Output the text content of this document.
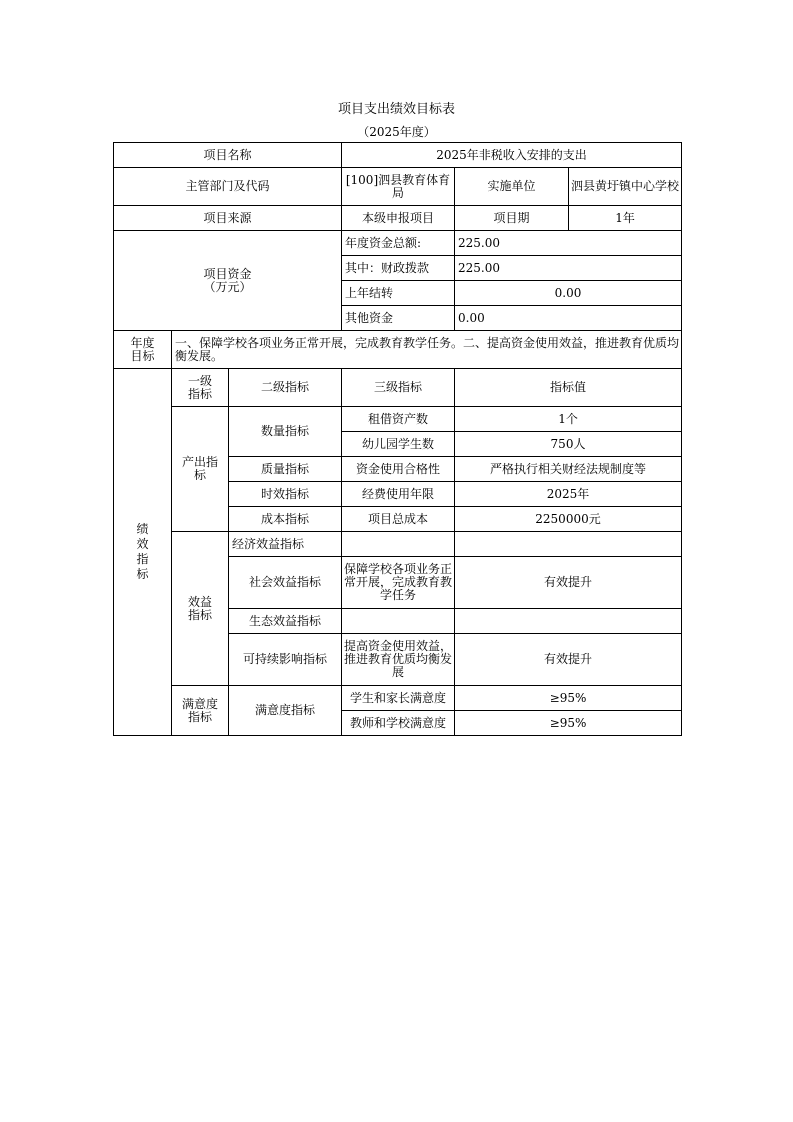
项目支出绩效目标表
（2025年度）
项目名称			2025年非税收入安排的支出		
主管部门及代码			[100]泗县教育体育局	实施单位	泗县黄圩镇中心学校
项目来源			本级申报项目	项目期	1年
项目资金（万元）			年度资金总额:	225.00	
			其中：财政拨款	225.00	
			上年结转	0.00	
			其他资金	0.00	
年度目标	一、保障学校各项业务正常开展，完成教育教学任务。二、提高资金使用效益，推进教育优质均衡发展。				
绩效指标	一级指标	二级指标	三级指标	指标值	
	产出指标	数量指标	租借资产数	1个	
			幼儿园学生数	750人	
		质量指标	资金使用合格性	严格执行相关财经法规制度等	
		时效指标	经费使用年限	2025年	
		成本指标	项目总成本	2250000元	
	效益指标	经济效益指标			
		社会效益指标	保障学校各项业务正常开展，完成教育教学任务	有效提升	
		生态效益指标			
		可持续影响指标	提高资金使用效益，推进教育优质均衡发展	有效提升	
	满意度指标	满意度指标	学生和家长满意度	≥95%	
			教师和学校满意度	≥95%	
